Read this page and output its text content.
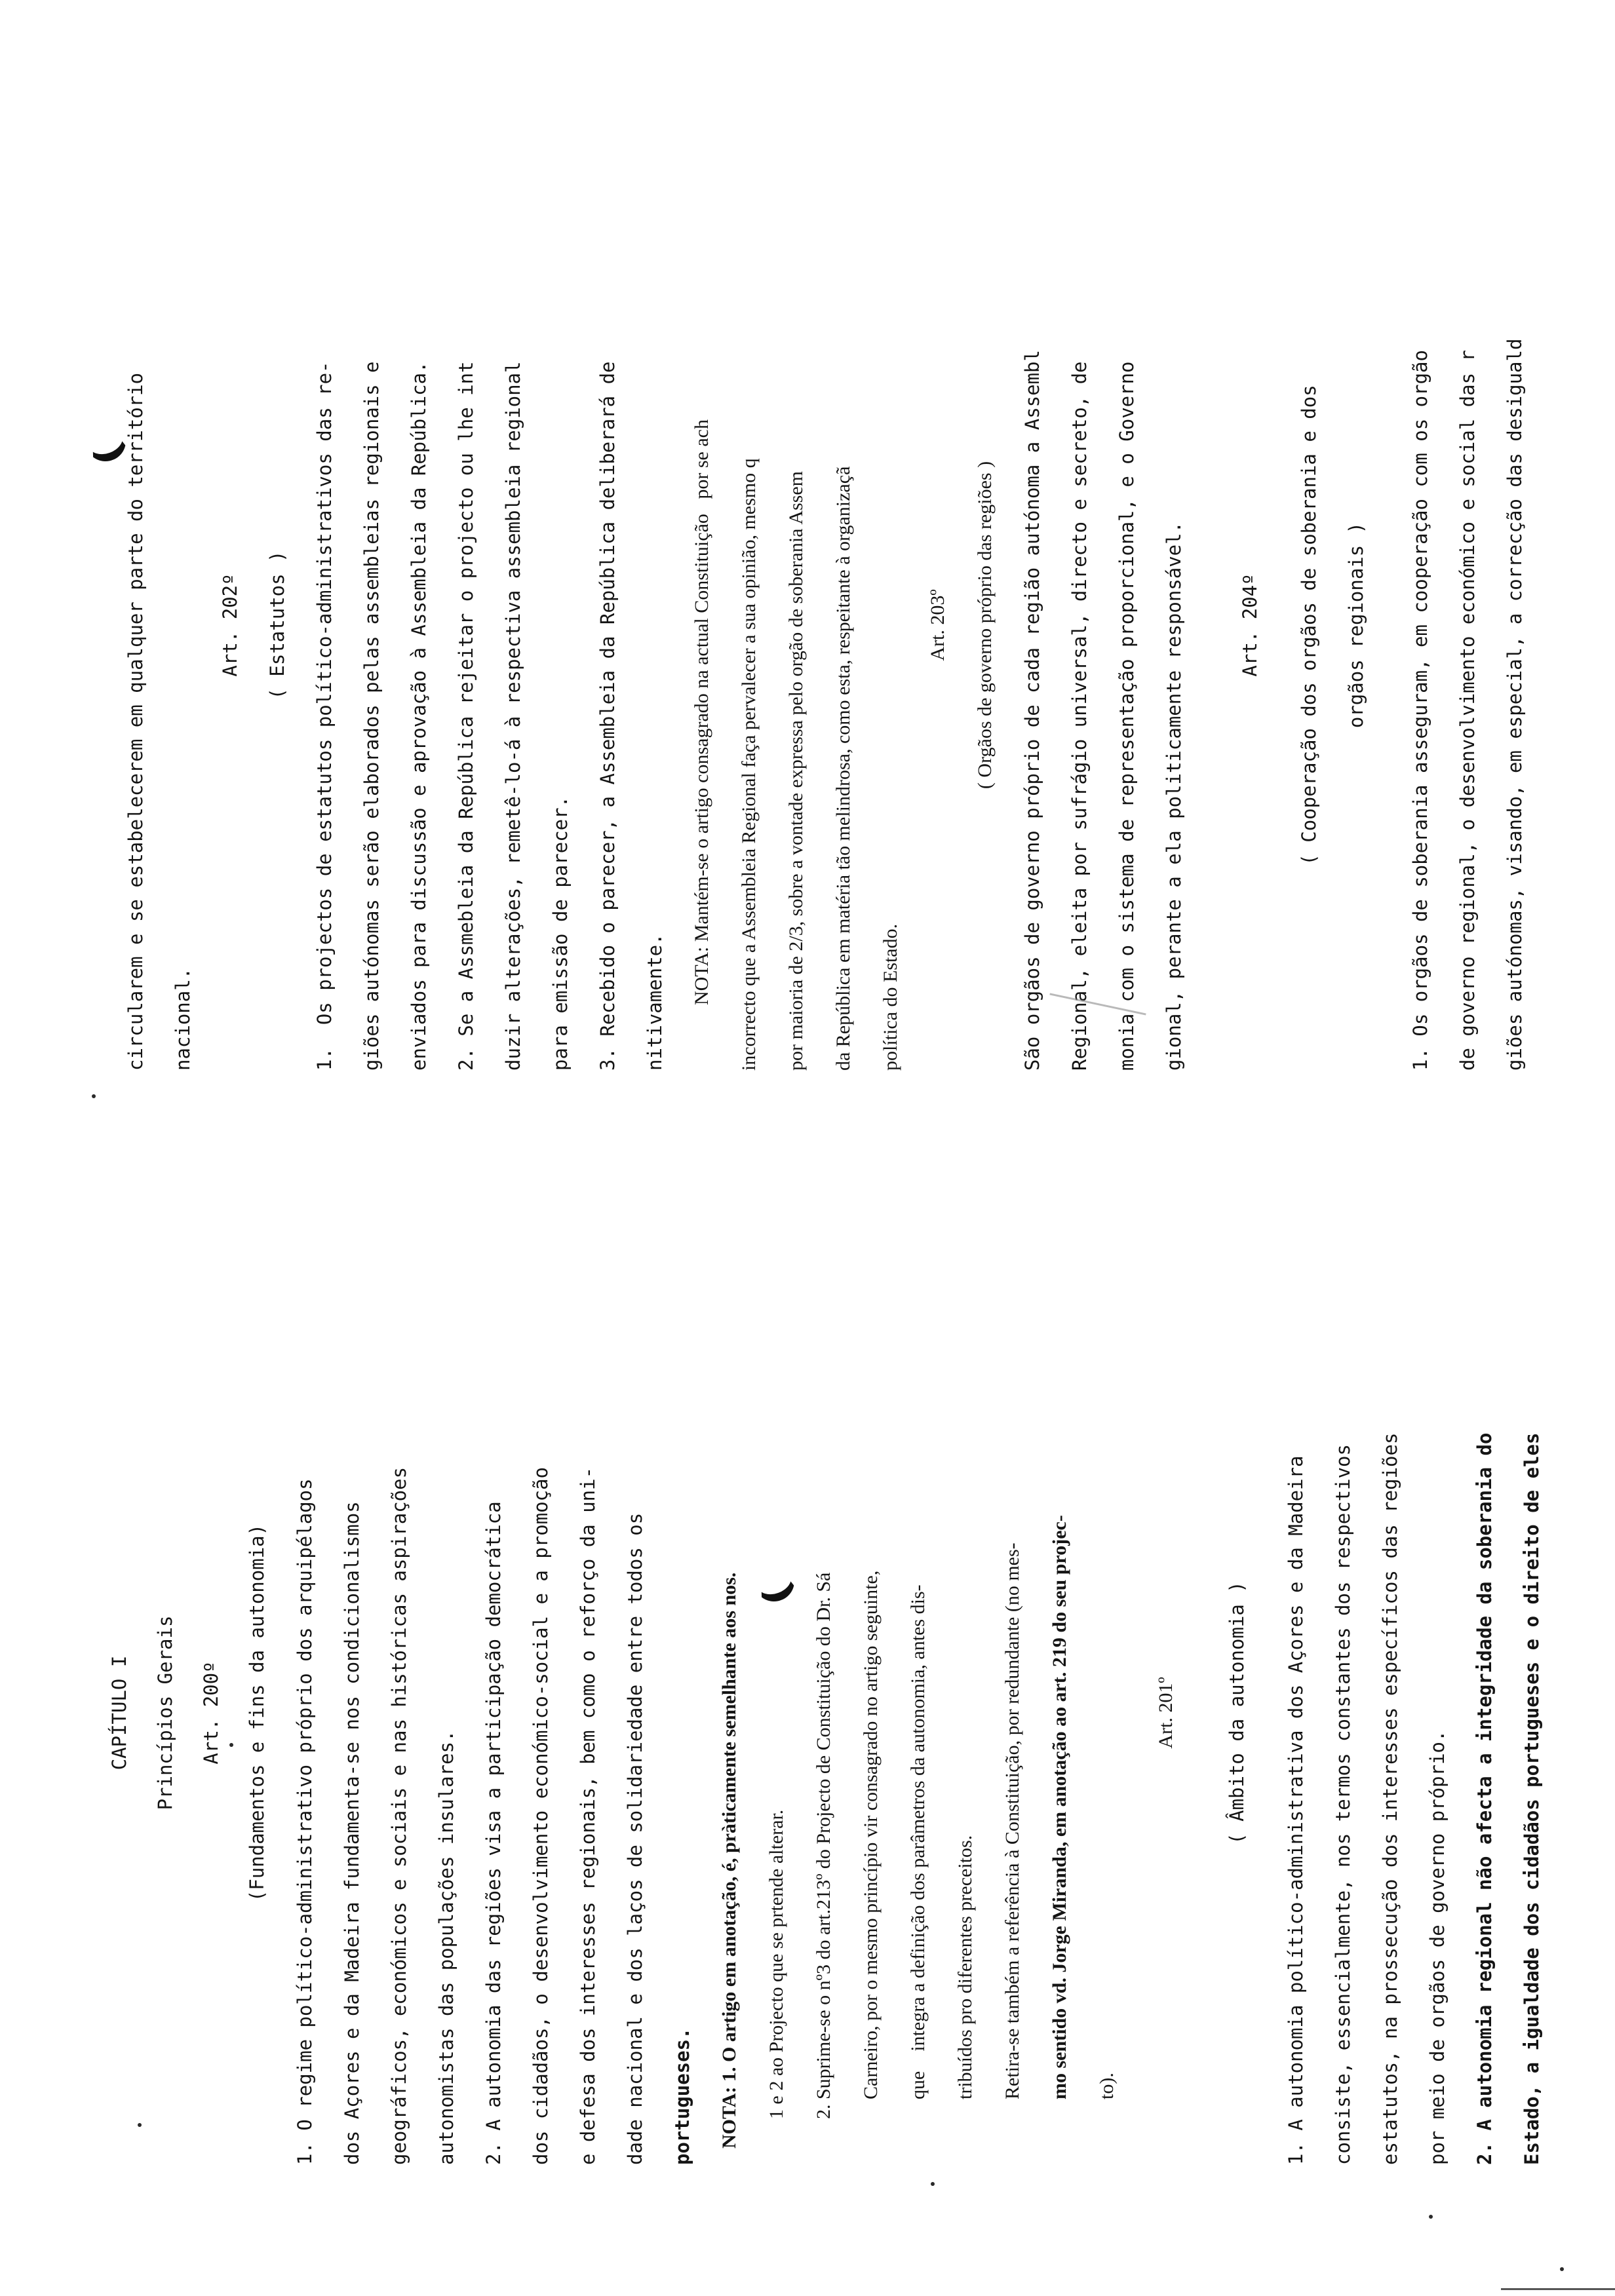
CAPÍTULO I Princípios Gerais Art. 200º (Fundamentos e fins da autonomia) 1. O regime político-administrativo próprio dos arquipélagos dos Açores e da Madeira fundamenta-se nos condicionalismos geográficos, económicos e sociais e nas históricas aspirações autonomistas das populações insulares. 2. A autonomia das regiões visa a participação democrática dos cidadãos, o desenvolvimento económico-social e a promoção e defesa dos interesses regionais, bem como o reforço da uni- dade nacional e dos laços de solidariedade entre todos os portugueses. NOTA: 1. O artigo em anotação, é, pràticamente semelhante aos nos. 1 e 2 ao Projecto que se prtende alterar. 2. Suprime-se o nº3 do art.213º do Projecto de Constituição do Dr. Sá Carneiro, por o mesmo princípio vir consagrado no artigo seguinte, que    integra a definição dos parâmetros da autonomia, antes dis- tribuídos pro diferentes preceitos. Retira-se também a referência à Constituição, por redundante (no mes- mo sentido vd. Jorge Miranda, em anotação ao art. 219 do seu projec- to).

Art. 201º	( Âmbito da autonomia ) 1. A autonomia político-administrativa dos Açores e da Madeira consiste, essencialmente, nos termos constantes dos respectivos estatutos, na prossecução dos interesses específicos das regiões por meio de orgãos de governo próprio. 2. A autonomia regional não afecta a integridade da soberania do Estado, a igualdade dos cidadãos portugueses e o direito de eles

circularem e se estabelecerem em qualquer parte do território nacional.

Art. 202º ( Estatutos ) 1.  Os projectos de estatutos político-administrativos das re- giões autónomas serão elaborados pelas assembleias regionais e enviados para discussão e aprovação à Assembleia da República. 2. Se a Assmebleia da República rejeitar o projecto ou lhe int duzir alterações, remetê-lo-á à respectiva assembleia regional para emissão de parecer. 3. Recebido o parecer, a Assembleia da República deliberará de nitivamente. NOTA: Mantém-se o artigo consagrado na actual Constituição   por se ach incorrecto que a Assembleia Regional faça pervalecer a sua opinião, mesmo q por maioria de 2/3, sobre a vontade expressa pelo orgão de soberania Assem da República em matéria tão melindrosa, como esta, respeitante à organizaçã política do Estado.

Art. 203º ( Orgãos de governo próprio das regiões ) São orgãos de governo próprio de cada região autónoma a Assembl Regional, eleita por sufrágio universal, directo e secreto, de monia com o sistema de representação proporcional, e o Governo gional, perante a ela politicamente responsável.	Art. 204º ( Cooperação dos orgãos de soberania e dos orgãos regionais ) 1. Os orgãos de soberania asseguram, em cooperação com os orgão de governo regional, o desenvolvimento económico e social das r giões autónomas, visando, em especial, a correcção das desiguald
